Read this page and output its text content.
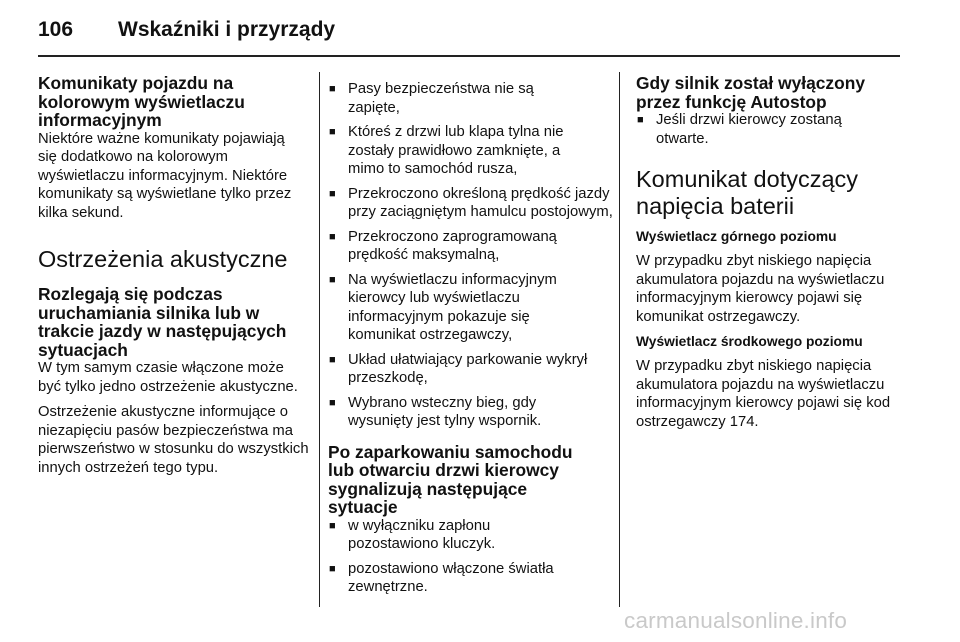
106 Wskaźniki i przyrządy
Komunikaty pojazdu na kolorowym wyświetlaczu informacyjnym

Niektóre ważne komunikaty pojawiają się dodatkowo na kolorowym wyświetlaczu informacyjnym. Niektóre komunikaty są wyświetlane tylko przez kilka sekund.

Ostrzeżenia akustyczne
Rozlegają się podczas uruchamiania silnika lub w trakcie jazdy w następujących sytuacjach

W tym samym czasie włączone może być tylko jedno ostrzeżenie akustyczne.

Ostrzeżenie akustyczne informujące o niezapięciu pasów bezpieczeństwa ma pierwszeństwo w stosunku do wszystkich innych ostrzeżeń tego typu.

■ Pasy bezpieczeństwa nie są zapięte,
■ Któreś z drzwi lub klapa tylna nie zostały prawidłowo zamknięte, a mimo to samochód rusza,
■ Przekroczono określoną prędkość jazdy przy zaciągniętym hamulcu postojowym,
■ Przekroczono zaprogramowaną prędkość maksymalną,
■ Na wyświetlaczu informacyjnym kierowcy lub wyświetlaczu informacyjnym pokazuje się komunikat ostrzegawczy,
■ Układ ułatwiający parkowanie wykrył przeszkodę,
■ Wybrano wsteczny bieg, gdy wysunięty jest tylny wspornik.
Po zaparkowaniu samochodu lub otwarciu drzwi kierowcy sygnalizują następujące sytuacje
■ w wyłączniku zapłonu pozostawiono kluczyk.
■ pozostawiono włączone światła zewnętrzne.
Gdy silnik został wyłączony przez funkcję Autostop
■ Jeśli drzwi kierowcy zostaną otwarte.
Komunikat dotyczący napięcia baterii
Wyświetlacz górnego poziomu

W przypadku zbyt niskiego napięcia akumulatora pojazdu na wyświetlaczu informacyjnym kierowcy pojawi się komunikat ostrzegawczy.

Wyświetlacz środkowego poziomu

W przypadku zbyt niskiego napięcia akumulatora pojazdu na wyświetlaczu informacyjnym kierowcy pojawi się kod ostrzegawczy 174.

carmanualsonline.info
